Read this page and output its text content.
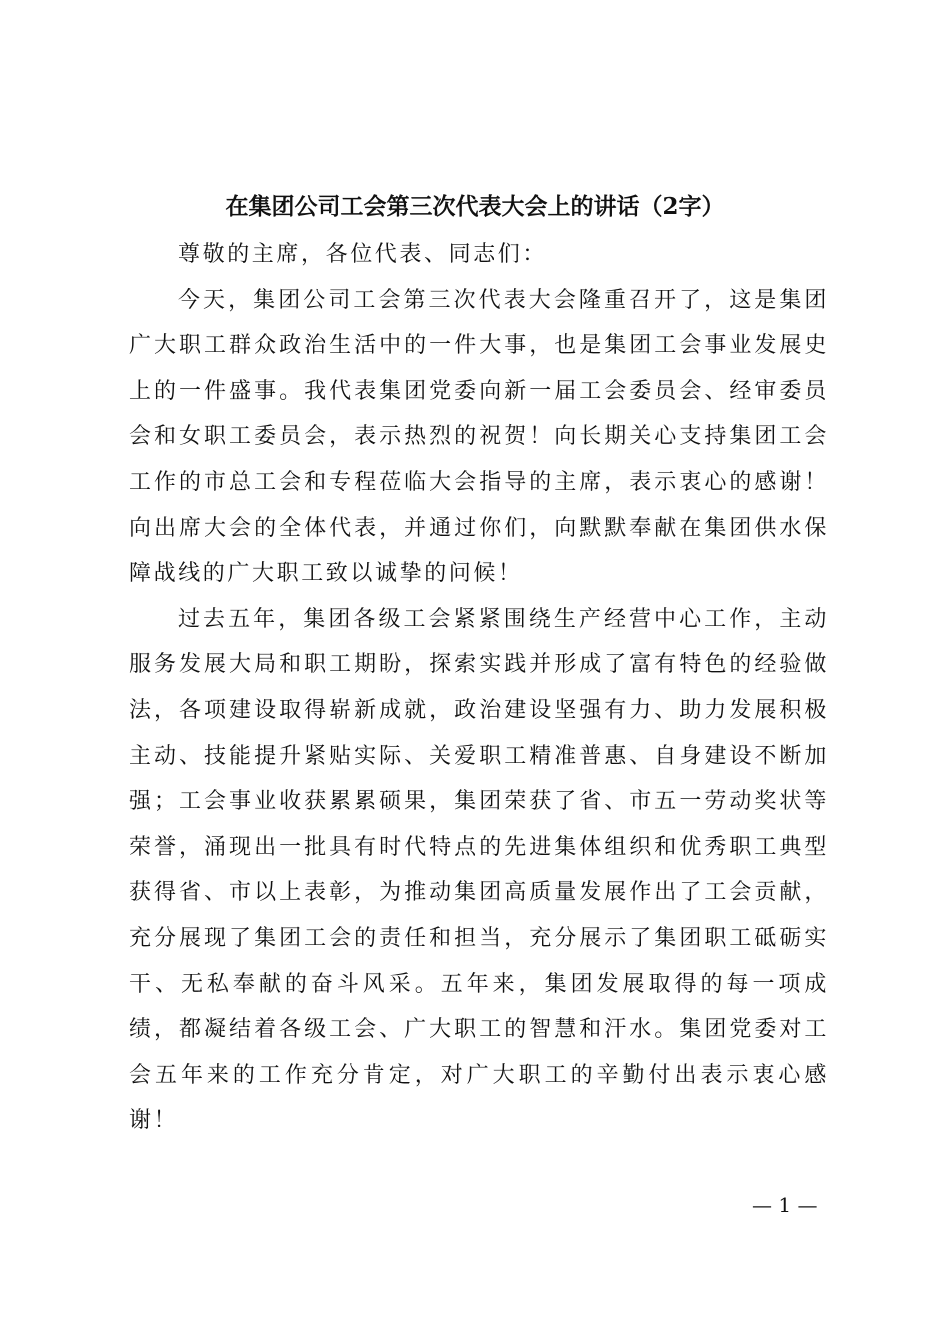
在集团公司工会第三次代表大会上的讲话（2字）

尊敬的主席，各位代表、同志们：

今天，集团公司工会第三次代表大会隆重召开了，这是集团广大职工群众政治生活中的一件大事，也是集团工会事业发展史上的一件盛事。我代表集团党委向新一届工会委员会、经审委员会和女职工委员会，表示热烈的祝贺！向长期关心支持集团工会工作的市总工会和专程莅临大会指导的主席，表示衷心的感谢！向出席大会的全体代表，并通过你们，向默默奉献在集团供水保障战线的广大职工致以诚挚的问候！

过去五年，集团各级工会紧紧围绕生产经营中心工作，主动服务发展大局和职工期盼，探索实践并形成了富有特色的经验做法，各项建设取得崭新成就，政治建设坚强有力、助力发展积极主动、技能提升紧贴实际、关爱职工精准普惠、自身建设不断加强；工会事业收获累累硕果，集团荣获了省、市五一劳动奖状等荣誉，涌现出一批具有时代特点的先进集体组织和优秀职工典型获得省、市以上表彰，为推动集团高质量发展作出了工会贡献，充分展现了集团工会的责任和担当，充分展示了集团职工砥砺实干、无私奉献的奋斗风采。五年来，集团发展取得的每一项成绩，都凝结着各级工会、广大职工的智慧和汗水。集团党委对工会五年来的工作充分肯定，对广大职工的辛勤付出表示衷心感谢！

— 1 —
